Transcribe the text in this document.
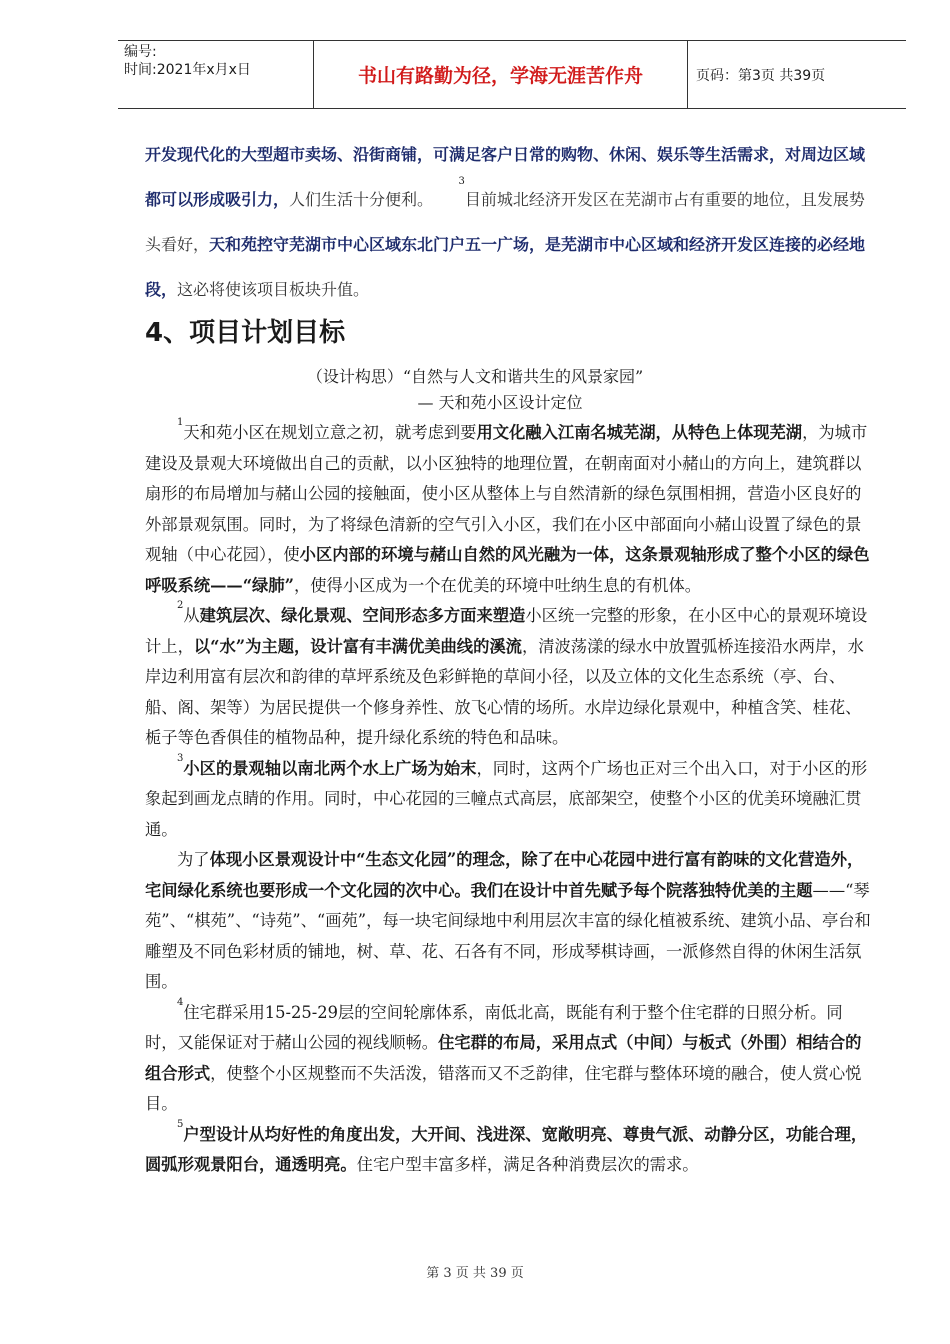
编号:
时间:2021年x月x日	书山有路勤为径，学海无涯苦作舟	页码：第3页 共39页
开发现代化的大型超市卖场、沿街商铺，可满足客户日常的购物、休闲、娱乐等生活需求，对周边区域都可以形成吸引力，人们生活十分便利。     $^3$目前城北经济开发区在芜湖市占有重要的地位，且发展势头看好，天和苑控守芜湖市中心区域东北门户五一广场，是芜湖市中心区域和经济开发区连接的必经地段，这必将使该项目板块升值。
4、项目计划目标
（设计构思）“自然与人文和谐共生的风景家园”
— 天和苑小区设计定位

$^1$天和苑小区在规划立意之初，就考虑到要用文化融入江南名城芜湖，从特色上体现芜湖，为城市建设及景观大环境做出自己的贡献，以小区独特的地理位置，在朝南面对小赭山的方向上，建筑群以扇形的布局增加与赭山公园的接触面，使小区从整体上与自然清新的绿色氛围相拥，营造小区良好的外部景观氛围。同时，为了将绿色清新的空气引入小区，我们在小区中部面向小赭山设置了绿色的景观轴（中心花园），使小区内部的环境与赭山自然的风光融为一体，这条景观轴形成了整个小区的绿色呼吸系统——“绿肺”，使得小区成为一个在优美的环境中吐纳生息的有机体。

$^2$从建筑层次、绿化景观、空间形态多方面来塑造小区统一完整的形象，在小区中心的景观环境设计上，以“水”为主题，设计富有丰满优美曲线的溪流，清波荡漾的绿水中放置弧桥连接沿水两岸，水岸边利用富有层次和韵律的草坪系统及色彩鲜艳的草间小径，以及立体的文化生态系统（亭、台、船、阁、架等）为居民提供一个修身养性、放飞心情的场所。水岸边绿化景观中，种植含笑、桂花、栀子等色香俱佳的植物品种，提升绿化系统的特色和品味。

$^3$小区的景观轴以南北两个水上广场为始末，同时，这两个广场也正对三个出入口，对于小区的形象起到画龙点睛的作用。同时，中心花园的三幢点式高层，底部架空，使整个小区的优美环境融汇贯通。

为了体现小区景观设计中“生态文化园”的理念，除了在中心花园中进行富有韵味的文化营造外，宅间绿化系统也要形成一个文化园的次中心。我们在设计中首先赋予每个院落独特优美的主题——“琴苑”、“棋苑”、“诗苑”、“画苑”，每一块宅间绿地中利用层次丰富的绿化植被系统、建筑小品、亭台和雕塑及不同色彩材质的铺地，树、草、花、石各有不同，形成琴棋诗画，一派修然自得的休闲生活氛围。

$^4$住宅群采用15-25-29层的空间轮廓体系，南低北高，既能有利于整个住宅群的日照分析。同时，又能保证对于赭山公园的视线顺畅。住宅群的布局，采用点式（中间）与板式（外围）相结合的组合形式，使整个小区规整而不失活泼，错落而又不乏韵律，住宅群与整体环境的融合，使人赏心悦目。

$^5$户型设计从均好性的角度出发，大开间、浅进深、宽敞明亮、尊贵气派、动静分区，功能合理，圆弧形观景阳台，通透明亮。住宅户型丰富多样，满足各种消费层次的需求。

第 3 页 共 39 页
